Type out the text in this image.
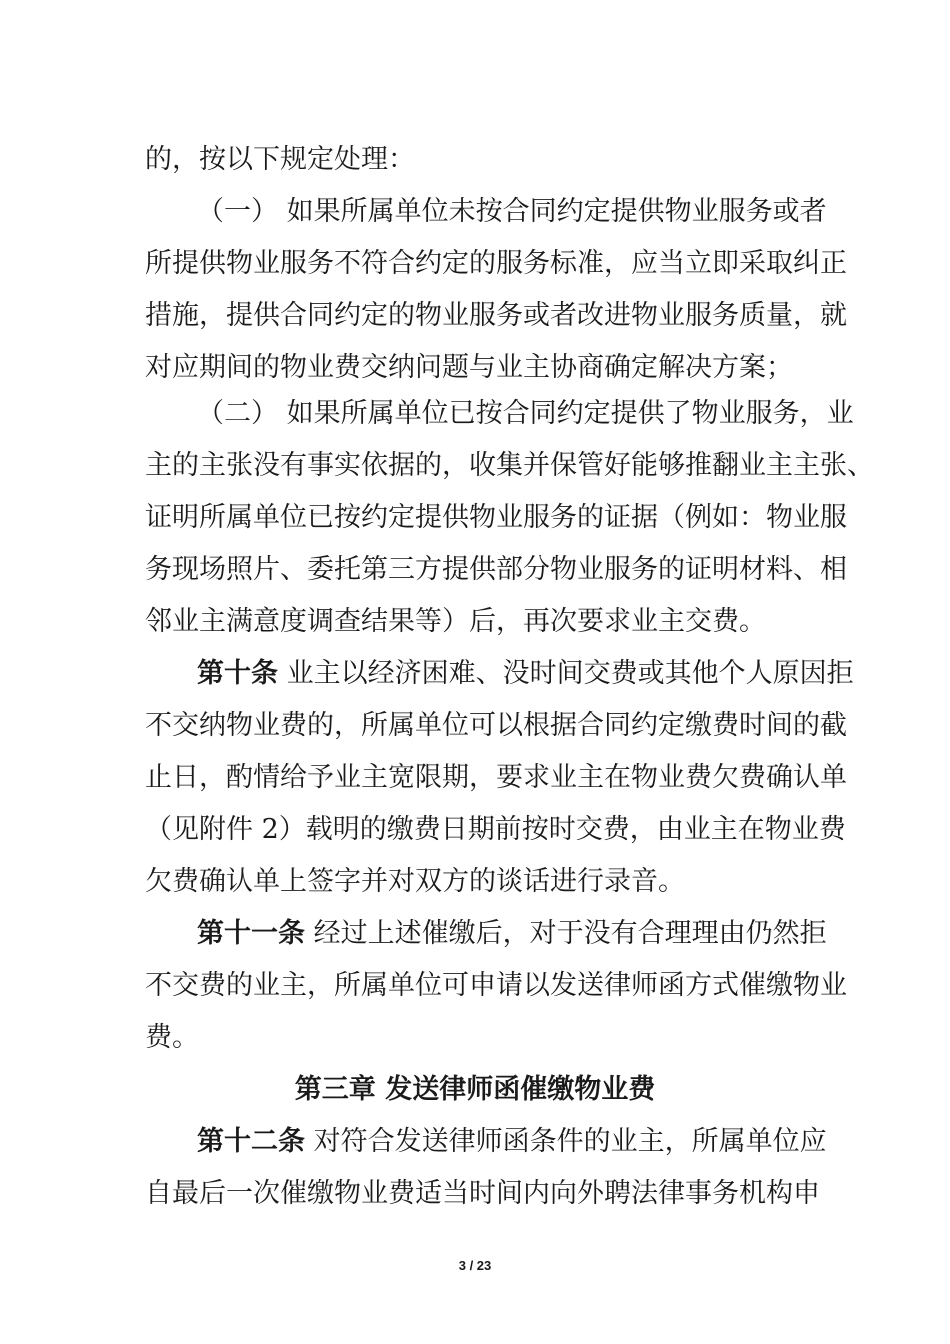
的，按以下规定处理：
（一） 如果所属单位未按合同约定提供物业服务或者
所提供物业服务不符合约定的服务标准，应当立即采取纠正
措施，提供合同约定的物业服务或者改进物业服务质量，就
对应期间的物业费交纳问题与业主协商确定解决方案；
（二） 如果所属单位已按合同约定提供了物业服务，业
主的主张没有事实依据的，收集并保管好能够推翻业主主张、
证明所属单位已按约定提供物业服务的证据（例如：物业服
务现场照片、委托第三方提供部分物业服务的证明材料、相
邻业主满意度调查结果等）后，再次要求业主交费。
第十条 业主以经济困难、没时间交费或其他个人原因拒
不交纳物业费的，所属单位可以根据合同约定缴费时间的截
止日，酌情给予业主宽限期，要求业主在物业费欠费确认单
（见附件 2）载明的缴费日期前按时交费，由业主在物业费
欠费确认单上签字并对双方的谈话进行录音。
第十一条 经过上述催缴后，对于没有合理理由仍然拒
不交费的业主，所属单位可申请以发送律师函方式催缴物业
费。
第三章 发送律师函催缴物业费
第十二条 对符合发送律师函条件的业主，所属单位应
自最后一次催缴物业费适当时间内向外聘法律事务机构申
3 / 23
